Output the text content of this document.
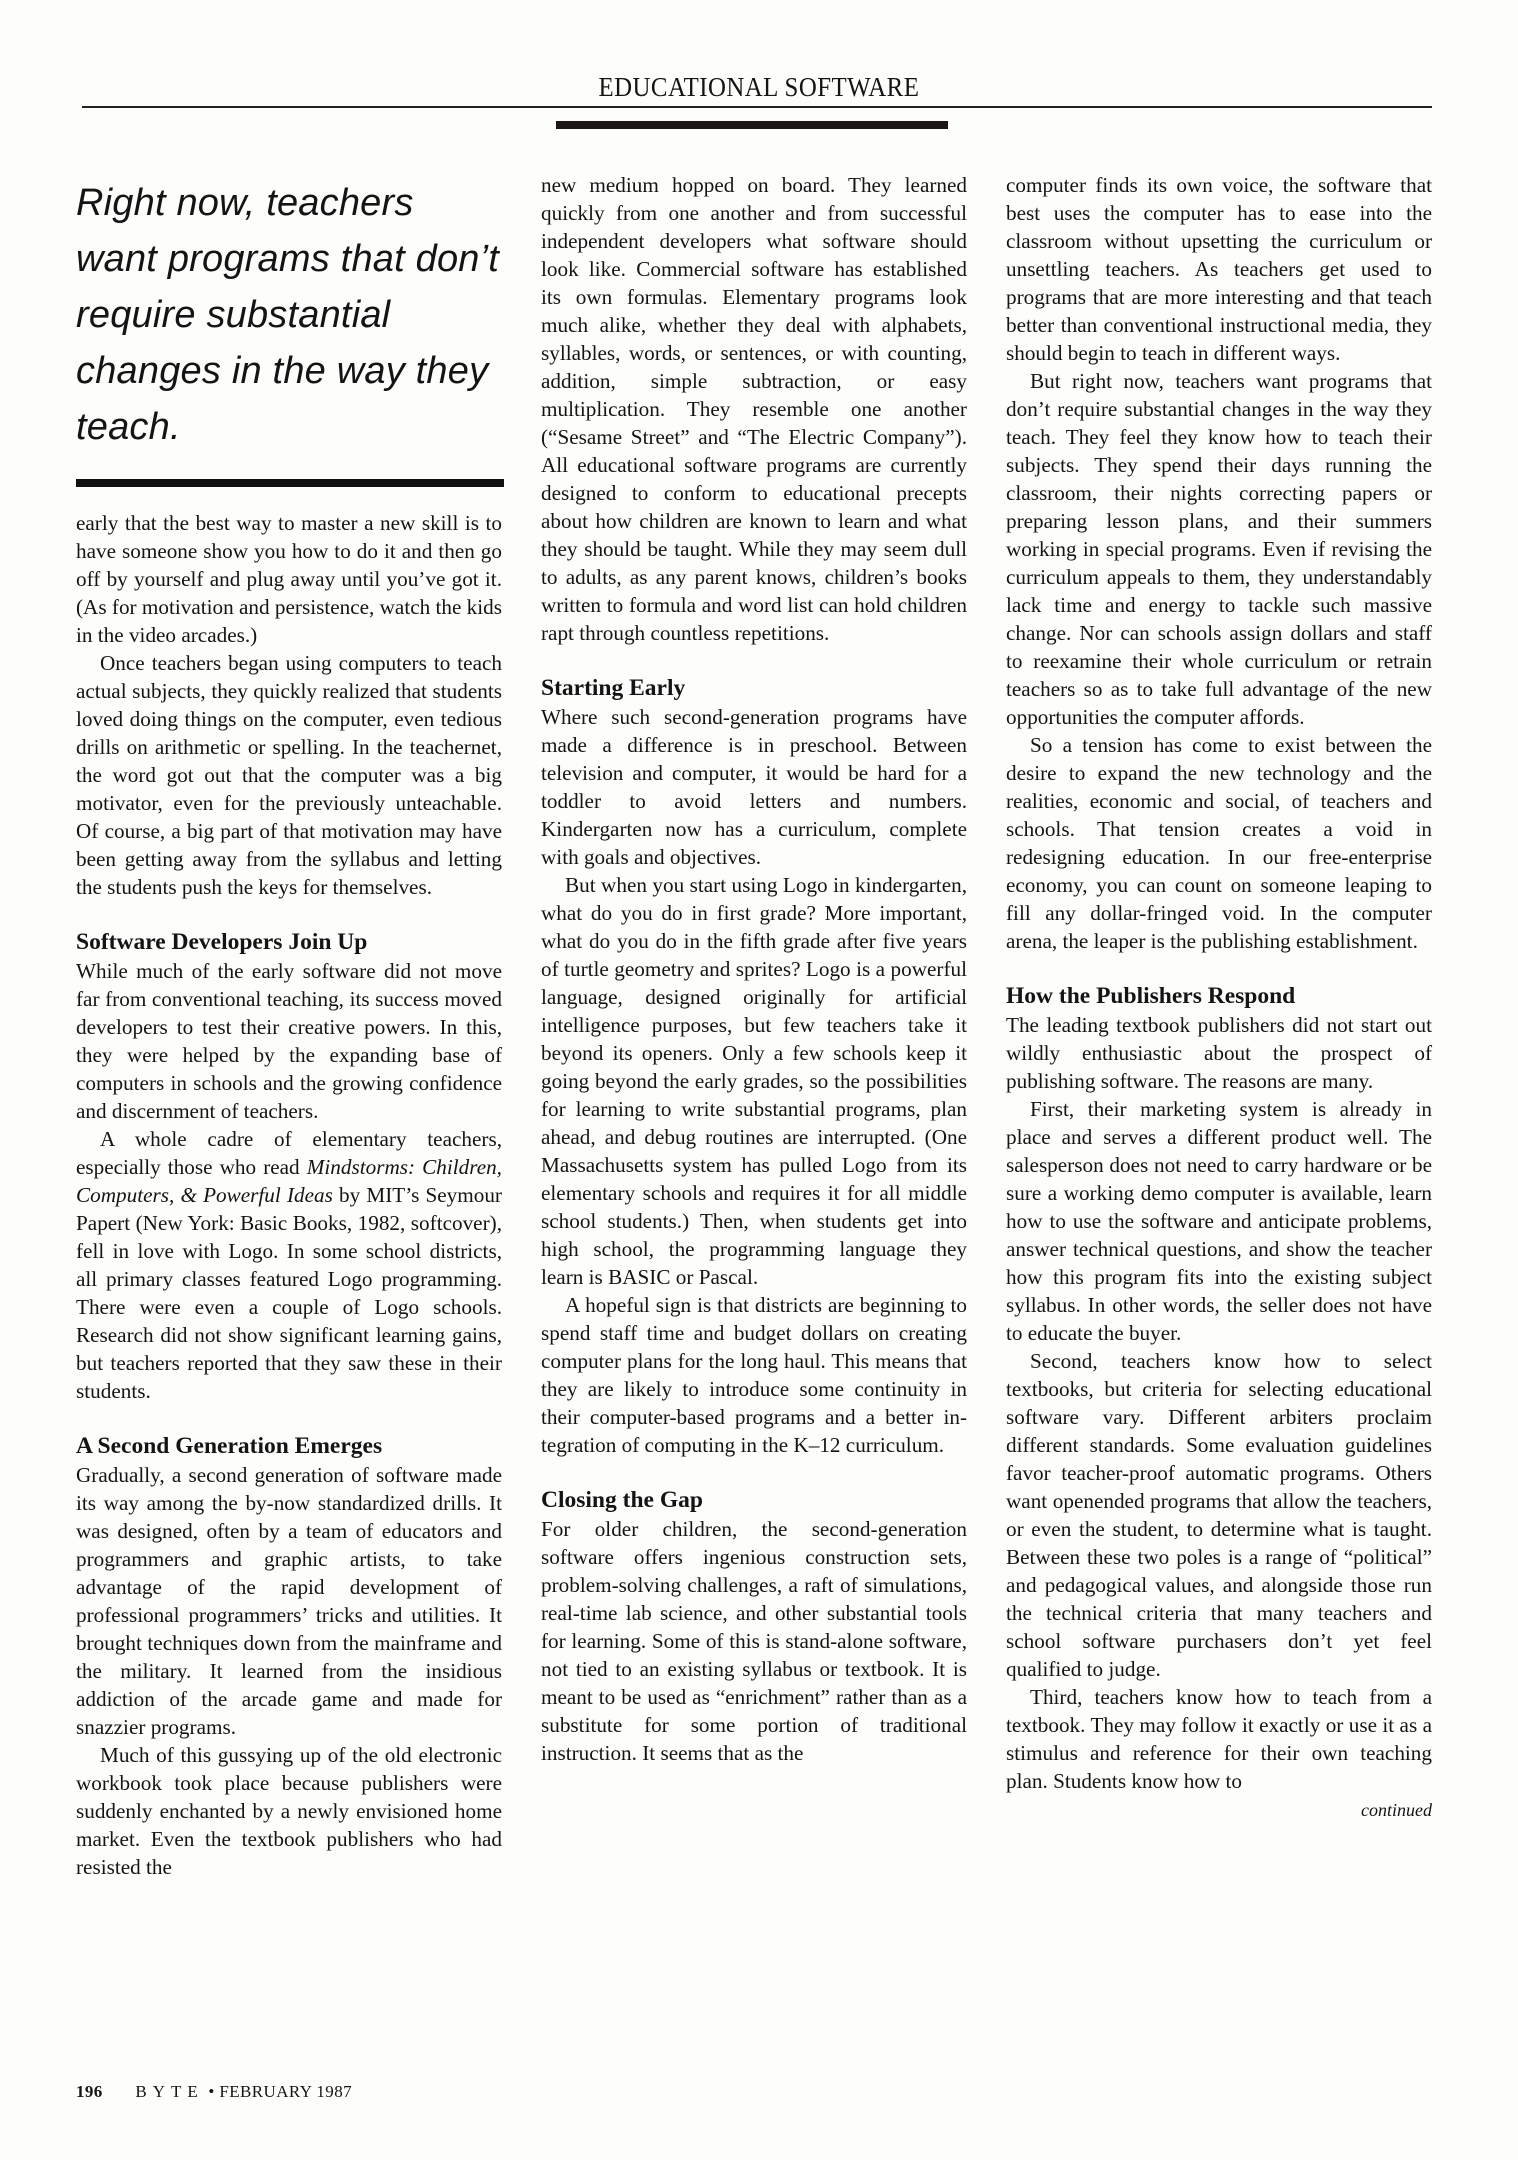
EDUCATIONAL SOFTWARE
Right now, teachers want programs that don’t require substantial changes in the way they teach.

early that the best way to master a new skill is to have someone show you how to do it and then go off by yourself and plug away until you’ve got it. (As for motivation and persistence, watch the kids in the video arcades.)

Once teachers began using computers to teach actual subjects, they quickly realized that students loved doing things on the computer, even tedious drills on arithmetic or spelling. In the teachernet, the word got out that the computer was a big motivator, even for the previously unteachable. Of course, a big part of that motivation may have been getting away from the syllabus and letting the students push the keys for themselves.

Software Developers Join Up

While much of the early software did not move far from conventional teaching, its success moved developers to test their creative powers. In this, they were helped by the expanding base of computers in schools and the growing confidence and discernment of teachers.

A whole cadre of elementary teachers, especially those who read Mindstorms: Children, Computers, & Powerful Ideas by MIT’s Seymour Papert (New York: Basic Books, 1982, softcover), fell in love with Logo. In some school districts, all primary classes featured Logo programming. There were even a couple of Logo schools. Research did not show significant learning gains, but teachers reported that they saw these in their students.

A Second Generation Emerges

Gradually, a second generation of software made its way among the by-now standardized drills. It was designed, often by a team of educators and programmers and graphic artists, to take advantage of the rapid development of professional programmers’ tricks and utilities. It brought techniques down from the mainframe and the military. It learned from the insidious addiction of the arcade game and made for snazzier programs.

Much of this gussying up of the old electronic workbook took place because publishers were suddenly enchanted by a newly envisioned home market. Even the textbook publishers who had resisted the

new medium hopped on board. They learned quickly from one another and from successful independent developers what software should look like. Commercial software has established its own formulas. Elementary programs look much alike, whether they deal with alphabets, syllables, words, or sentences, or with counting, addition, simple subtraction, or easy multiplication. They resemble one another (“Sesame Street” and “The Electric Company”). All educational software programs are currently designed to conform to educational precepts about how children are known to learn and what they should be taught. While they may seem dull to adults, as any parent knows, children’s books written to formula and word list can hold children rapt through countless repetitions.

Starting Early

Where such second-generation programs have made a difference is in preschool. Between television and computer, it would be hard for a toddler to avoid letters and numbers. Kindergarten now has a curriculum, complete with goals and objectives.

But when you start using Logo in kindergarten, what do you do in first grade? More important, what do you do in the fifth grade after five years of turtle geometry and sprites? Logo is a powerful language, designed originally for artificial intelligence purposes, but few teachers take it beyond its openers. Only a few schools keep it going beyond the early grades, so the possibilities for learning to write substantial programs, plan ahead, and debug routines are interrupted. (One Massachusetts system has pulled Logo from its elementary schools and requires it for all middle school students.) Then, when students get into high school, the programming language they learn is BASIC or Pascal.

A hopeful sign is that districts are beginning to spend staff time and budget dollars on creating computer plans for the long haul. This means that they are likely to introduce some continuity in their computer-based programs and a better integration of computing in the K–12 curriculum.

Closing the Gap

For older children, the second-generation software offers ingenious construction sets, problem-solving challenges, a raft of simulations, real-time lab science, and other substantial tools for learning. Some of this is stand-alone software, not tied to an existing syllabus or textbook. It is meant to be used as “enrichment” rather than as a substitute for some portion of traditional instruction. It seems that as the

computer finds its own voice, the software that best uses the computer has to ease into the classroom without upsetting the curriculum or unsettling teachers. As teachers get used to programs that are more interesting and that teach better than conventional instructional media, they should begin to teach in different ways.

But right now, teachers want programs that don’t require substantial changes in the way they teach. They feel they know how to teach their subjects. They spend their days running the classroom, their nights correcting papers or preparing lesson plans, and their summers working in special programs. Even if revising the curriculum appeals to them, they understandably lack time and energy to tackle such massive change. Nor can schools assign dollars and staff to reexamine their whole curriculum or retrain teachers so as to take full advantage of the new opportunities the computer affords.

So a tension has come to exist between the desire to expand the new technology and the realities, economic and social, of teachers and schools. That tension creates a void in redesigning education. In our free-enterprise economy, you can count on someone leaping to fill any dollar-fringed void. In the computer arena, the leaper is the publishing establishment.

How the Publishers Respond

The leading textbook publishers did not start out wildly enthusiastic about the prospect of publishing software. The reasons are many.

First, their marketing system is already in place and serves a different product well. The salesperson does not need to carry hardware or be sure a working demo computer is available, learn how to use the software and anticipate problems, answer technical questions, and show the teacher how this program fits into the existing subject syllabus. In other words, the seller does not have to educate the buyer.

Second, teachers know how to select textbooks, but criteria for selecting educational software vary. Different arbiters proclaim different standards. Some evaluation guidelines favor teacher-proof automatic programs. Others want openended programs that allow the teachers, or even the student, to determine what is taught. Between these two poles is a range of “political” and pedagogical values, and alongside those run the technical criteria that many teachers and school software purchasers don’t yet feel qualified to judge.

Third, teachers know how to teach from a textbook. They may follow it exactly or use it as a stimulus and reference for their own teaching plan. Students know how to

continued
196 BYTE • FEBRUARY 1987
